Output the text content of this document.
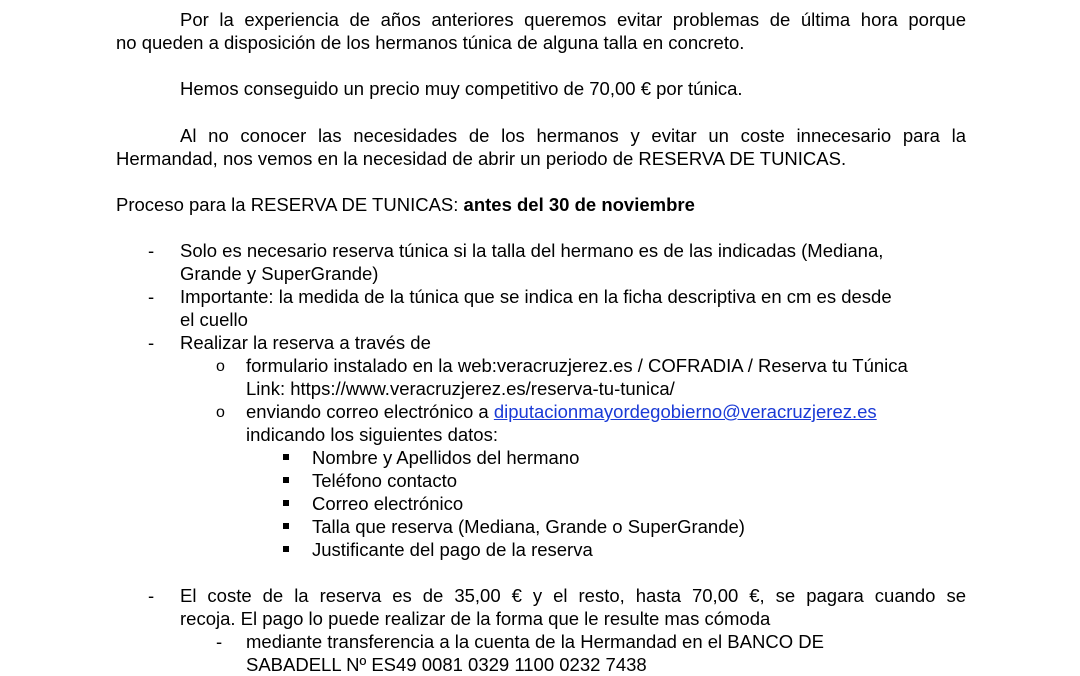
Por la experiencia de años anteriores queremos evitar problemas de última hora porque
no queden a disposición de los hermanos túnica de alguna talla en concreto.
Hemos conseguido un precio muy competitivo de 70,00 € por túnica.
Al no conocer las necesidades de los hermanos y evitar un coste innecesario para la
Hermandad, nos vemos en la necesidad de abrir un periodo de RESERVA DE TUNICAS.
Proceso para la RESERVA DE TUNICAS: antes del 30 de noviembre
- Solo es necesario reserva túnica si la talla del hermano es de las indicadas (Mediana,
Grande y SuperGrande)
- Importante: la medida de la túnica que se indica en la ficha descriptiva en cm es desde
el cuello
- Realizar la reserva a través de
o formulario instalado en la web:veracruzjerez.es / COFRADIA / Reserva tu Túnica
Link: https://www.veracruzjerez.es/reserva-tu-tunica/
o enviando correo electrónico a diputacionmayordegobierno@veracruzjerez.es
indicando los siguientes datos:
Nombre y Apellidos del hermano
Teléfono contacto
Correo electrónico
Talla que reserva (Mediana, Grande o SuperGrande)
Justificante del pago de la reserva
- El coste de la reserva es de 35,00 € y el resto, hasta 70,00 €, se pagara cuando se
recoja. El pago lo puede realizar de la forma que le resulte mas cómoda
- mediante transferencia a la cuenta de la Hermandad en el BANCO DE
SABADELL Nº ES49 0081 0329 1100 0232 7438
